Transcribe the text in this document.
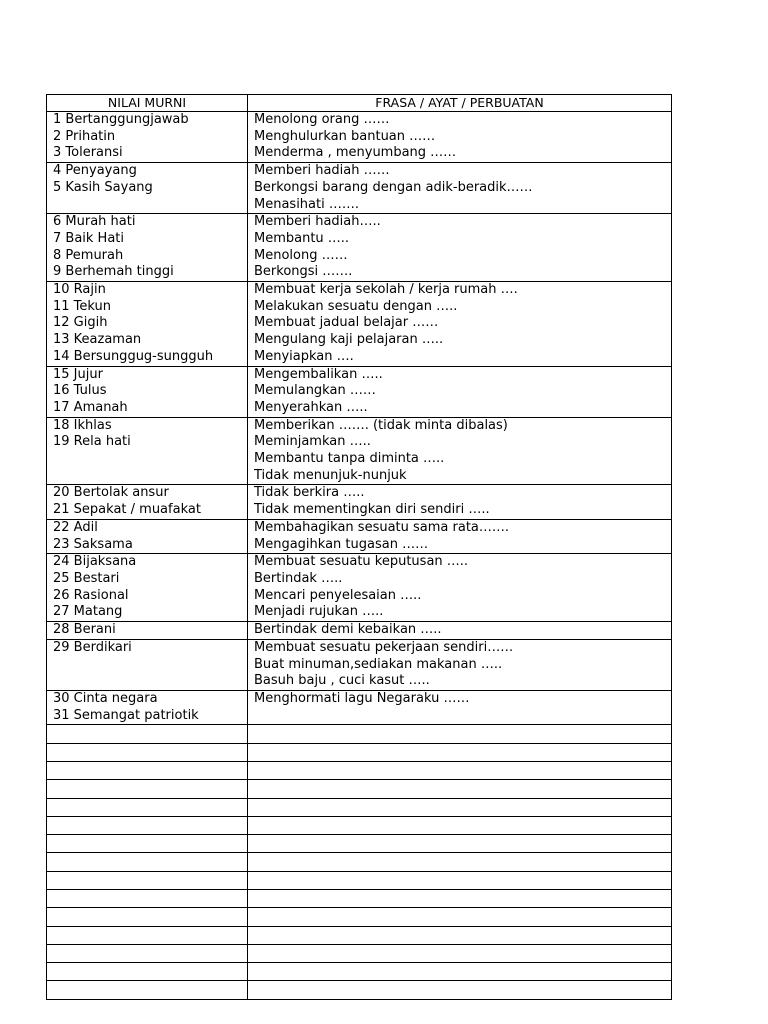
NILAI MURNI	FRASA / AYAT / PERBUATAN

1 Bertanggungjawab
2 Prihatin
3 Toleransi	Menolong orang ……
Menghulurkan bantuan ……
Menderma , menyumbang ……

4 Penyayang
5 Kasih Sayang	Memberi hadiah ……
Berkongsi barang dengan adik-beradik……
Menasihati …….

6 Murah hati
7 Baik Hati
8 Pemurah
9 Berhemah tinggi	Memberi hadiah…..
Membantu …..
Menolong ……
Berkongsi …….

10 Rajin
11 Tekun
12 Gigih
13 Keazaman
14 Bersunggug-sungguh	Membuat kerja sekolah / kerja rumah ….
Melakukan sesuatu dengan …..
Membuat jadual belajar ……
Mengulang kaji pelajaran …..
Menyiapkan ….

15 Jujur
16 Tulus
17 Amanah	Mengembalikan …..
Memulangkan ……
Menyerahkan …..

18 Ikhlas
19 Rela hati	Memberikan ……. (tidak minta dibalas)
Meminjamkan …..
Membantu tanpa diminta …..
Tidak menunjuk-nunjuk

20 Bertolak ansur
21 Sepakat / muafakat	Tidak berkira …..
Tidak mementingkan diri sendiri …..

22 Adil
23 Saksama	Membahagikan sesuatu sama rata…….
Mengagihkan tugasan ……

24 Bijaksana
25 Bestari
26 Rasional
27 Matang	Membuat sesuatu keputusan …..
Bertindak …..
Mencari penyelesaian …..
Menjadi rujukan …..

28 Berani	Bertindak demi kebaikan …..

29 Berdikari	Membuat sesuatu pekerjaan sendiri……
Buat minuman,sediakan makanan …..
Basuh baju , cuci kasut …..

30 Cinta negara
31 Semangat patriotik	Menghormati lagu Negaraku ……
